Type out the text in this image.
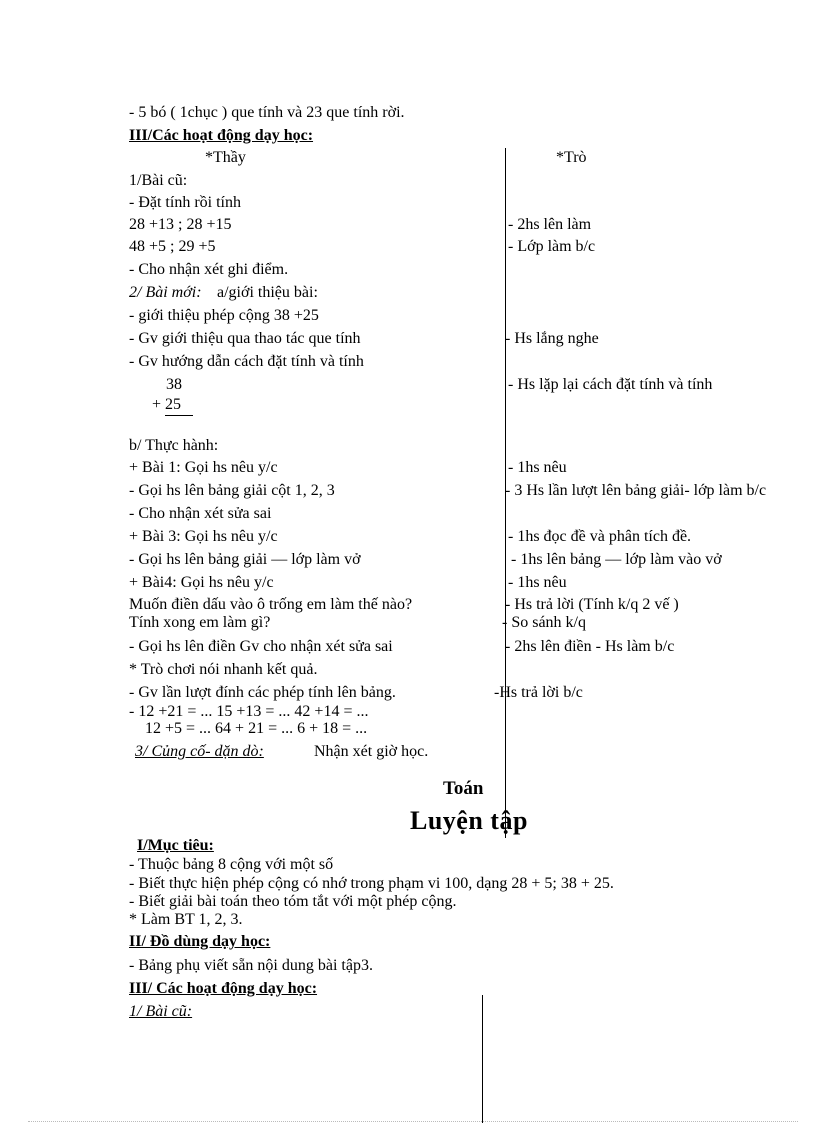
- 5 bó ( 1chục ) que tính và 23 que tính rời.
III/Các hoạt động dạy học:
*Thầy	*Trò
1/Bài cũ:
- Đặt tính rồi tính
28 +13 ; 28 +15
48 +5 ; 29 +5
- Cho nhận xét ghi điểm.
2/ Bài mới: a/giới thiệu bài:
- giới thiệu phép cộng 38 +25
- Gv giới thiệu qua thao tác que tính
- Gv hướng dẫn cách đặt tính và tính
38
+ 25
b/ Thực hành:
+ Bài 1: Gọi hs nêu y/c
- Gọi hs lên bảng giải cột 1, 2, 3
- Cho nhận xét sửa sai
+ Bài 3: Gọi hs nêu y/c
- Gọi hs lên bảng giải — lớp làm vở
+ Bài4: Gọi hs nêu y/c
Muốn điền dấu vào ô trống em làm thế nào?
Tính xong em làm gì?
- Gọi hs lên điền Gv cho nhận xét sửa sai
* Trò chơi nói nhanh kết quả.
- Gv lần lượt đính các phép tính lên bảng.
- 12 +21 = ... 15 +13 = ... 42 +14 = ...
12 +5 = ... 64 + 21 = ... 6 + 18 = ...
3/ Củng cố- dặn dò:	Nhận xét giờ học.
- 2hs lên làm
- Lớp làm b/c
- Hs lắng nghe
- Hs lặp lại cách đặt tính và tính
- 1hs nêu
- 3 Hs lần lượt lên bảng giải- lớp làm b/c
- 1hs đọc đề và phân tích đề.
- 1hs lên bảng — lớp làm vào vở
- 1hs nêu
- Hs trả lời (Tính k/q 2 vế )
- So sánh k/q
- 2hs lên điền - Hs làm b/c
-Hs trả lời b/c
Toán
Luyện tập
I/Mục tiêu:
- Thuộc bảng 8 cộng với một số
- Biết thực hiện phép cộng có nhớ trong phạm vi 100, dạng 28 + 5; 38 + 25.
- Biết giải bài toán theo tóm tắt với một phép cộng.
* Làm BT 1, 2, 3.
II/ Đồ dùng dạy học:
- Bảng phụ viết sẵn nội dung bài tập3.
III/ Các hoạt động dạy học:
1/ Bài cũ:
